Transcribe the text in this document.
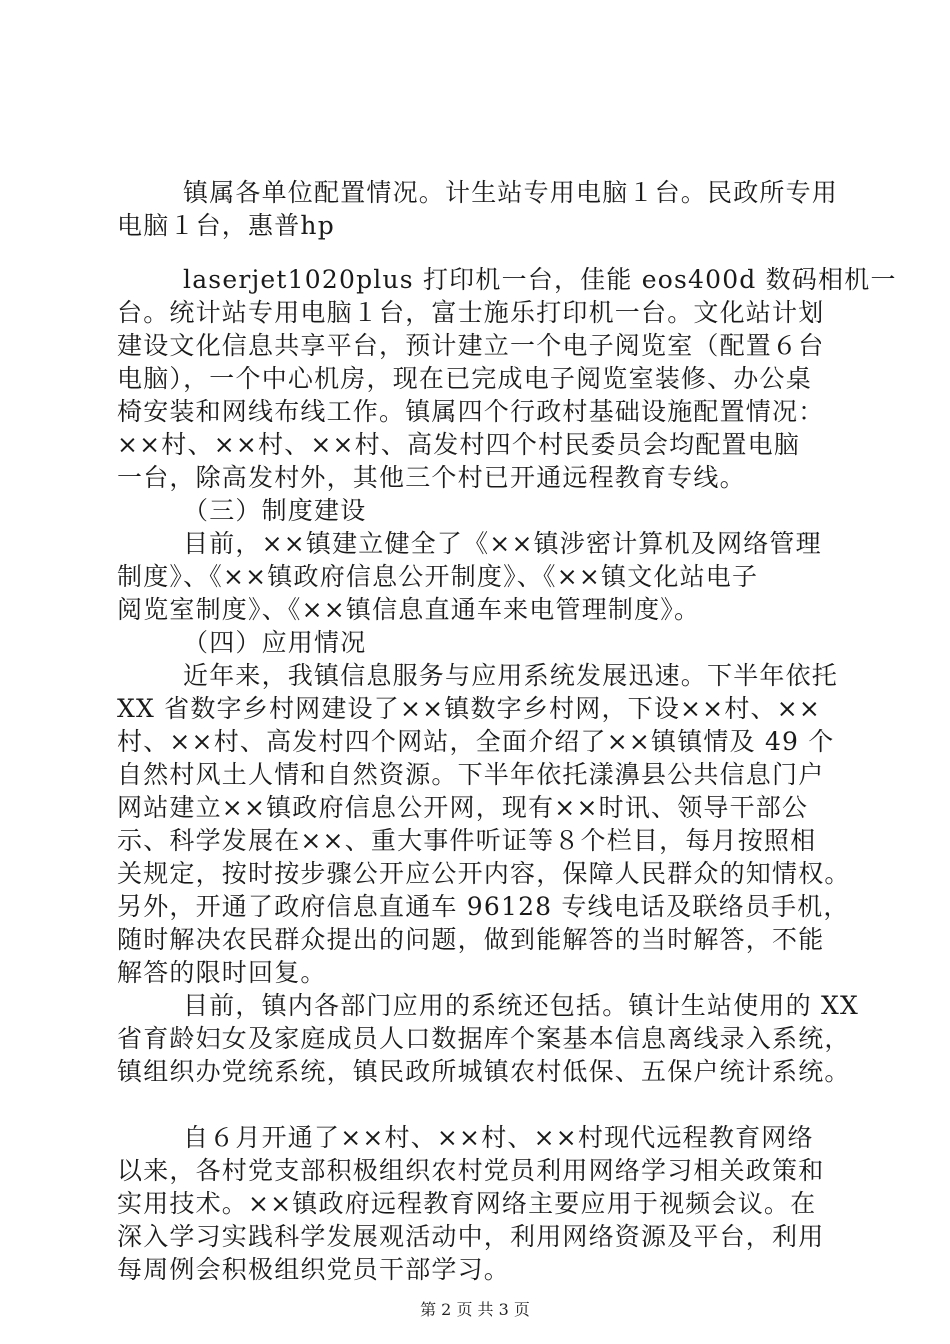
镇属各单位配置情况。计生站专用电脑１台。民政所专用
电脑１台，惠普hp
laserjet1020plus 打印机一台，佳能 eos400d 数码相机一
台。统计站专用电脑１台，富士施乐打印机一台。文化站计划
建设文化信息共享平台，预计建立一个电子阅览室（配置６台
电脑），一个中心机房，现在已完成电子阅览室装修、办公桌
椅安装和网线布线工作。镇属四个行政村基础设施配置情况：
××村、××村、××村、高发村四个村民委员会均配置电脑
一台，除高发村外，其他三个村已开通远程教育专线。
（三）制度建设
目前，××镇建立健全了《××镇涉密计算机及网络管理
制度》、《××镇政府信息公开制度》、《××镇文化站电子
阅览室制度》、《××镇信息直通车来电管理制度》。
（四）应用情况
近年来，我镇信息服务与应用系统发展迅速。下半年依托
XX 省数字乡村网建设了××镇数字乡村网，下设××村、××
村、××村、高发村四个网站，全面介绍了××镇镇情及 49 个
自然村风土人情和自然资源。下半年依托漾濞县公共信息门户
网站建立××镇政府信息公开网，现有××时讯、领导干部公
示、科学发展在××、重大事件听证等８个栏目，每月按照相
关规定，按时按步骤公开应公开内容，保障人民群众的知情权。
另外，开通了政府信息直通车 96128 专线电话及联络员手机，
随时解决农民群众提出的问题，做到能解答的当时解答，不能
解答的限时回复。
目前，镇内各部门应用的系统还包括。镇计生站使用的 XX
省育龄妇女及家庭成员人口数据库个案基本信息离线录入系统，
镇组织办党统系统，镇民政所城镇农村低保、五保户统计系统。
自６月开通了××村、××村、××村现代远程教育网络
以来，各村党支部积极组织农村党员利用网络学习相关政策和
实用技术。××镇政府远程教育网络主要应用于视频会议。在
深入学习实践科学发展观活动中，利用网络资源及平台，利用
每周例会积极组织党员干部学习。
第 2 页 共 3 页
